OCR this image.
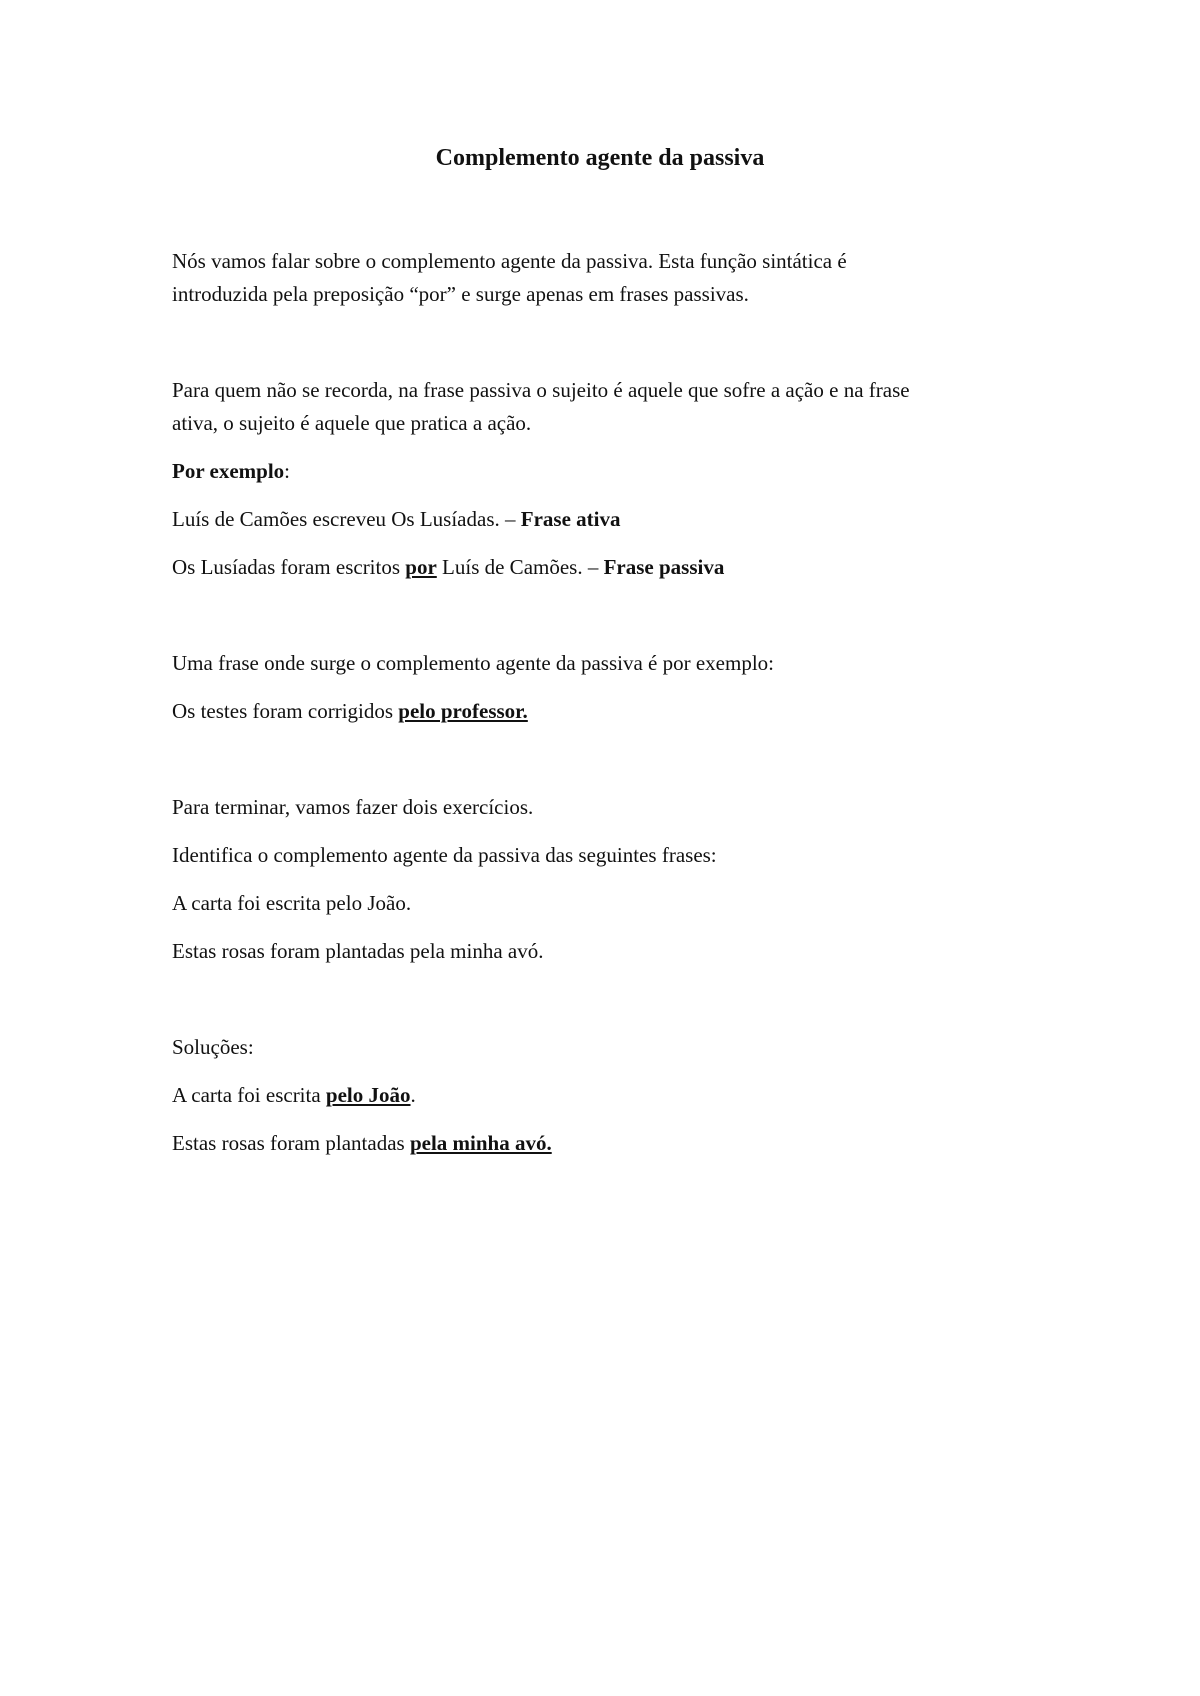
Complemento agente da passiva

Nós vamos falar sobre o complemento agente da passiva. Esta função sintática é

introduzida pela preposição “por” e surge apenas em frases passivas.

Para quem não se recorda, na frase passiva o sujeito é aquele que sofre a ação e na frase

ativa, o sujeito é aquele que pratica a ação.

Por exemplo:

Luís de Camões escreveu Os Lusíadas. – Frase ativa

Os Lusíadas foram escritos por Luís de Camões. – Frase passiva

Uma frase onde surge o complemento agente da passiva é por exemplo:

Os testes foram corrigidos pelo professor.

Para terminar, vamos fazer dois exercícios.

Identifica o complemento agente da passiva das seguintes frases:

A carta foi escrita pelo João.

Estas rosas foram plantadas pela minha avó.

Soluções:

A carta foi escrita pelo João.

Estas rosas foram plantadas pela minha avó.
